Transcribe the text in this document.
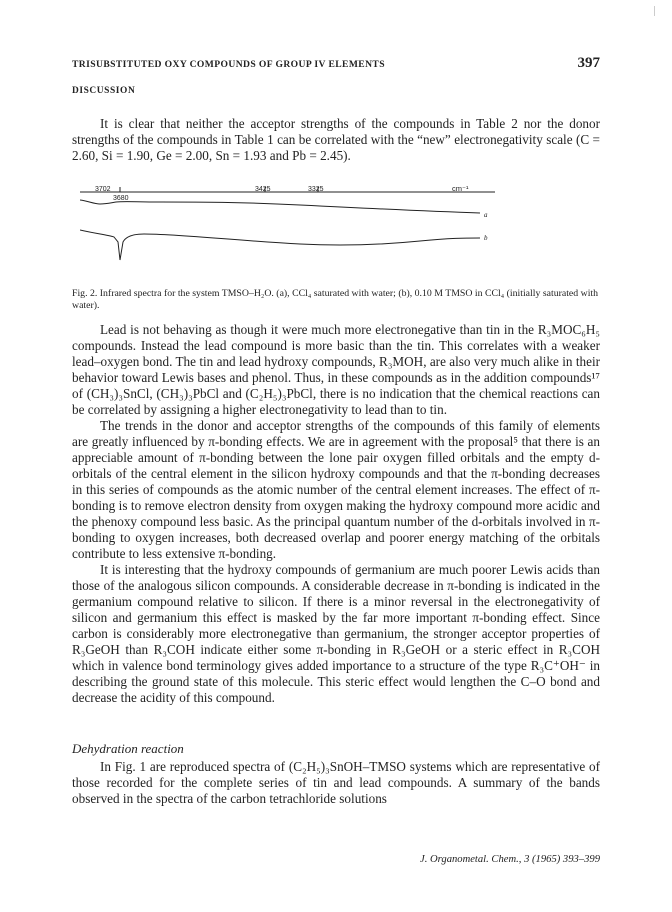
TRISUBSTITUTED OXY COMPOUNDS OF GROUP IV ELEMENTS	397
DISCUSSION

It is clear that neither the acceptor strengths of the compounds in Table 2 nor the donor strengths of the compounds in Table 1 can be correlated with the “new” electronegativity scale (C = 2.60, Si = 1.90, Ge = 2.00, Sn = 1.93 and Pb = 2.45).

3702
3680
3425	3325	cm⁻¹
a
b
Fig. 2. Infrared spectra for the system TMSO–H₂O. (a), CCl₄ saturated with water; (b), 0.10 M TMSO in CCl₄ (initially saturated with water).

Lead is not behaving as though it were much more electronegative than tin in the R₃MOC₆H₅ compounds. Instead the lead compound is more basic than the tin. This correlates with a weaker lead–oxygen bond. The tin and lead hydroxy compounds, R₃MOH, are also very much alike in their behavior toward Lewis bases and phenol. Thus, in these compounds as in the addition compounds¹⁷ of (CH₃)₃SnCl, (CH₃)₃PbCl and (C₂H₅)₃PbCl, there is no indication that the chemical reactions can be correlated by assigning a higher electronegativity to lead than to tin.

The trends in the donor and acceptor strengths of the compounds of this family of elements are greatly influenced by π-bonding effects. We are in agreement with the proposal⁵ that there is an appreciable amount of π-bonding between the lone pair oxygen filled orbitals and the empty d-orbitals of the central element in the silicon hydroxy compounds and that the π-bonding decreases in this series of compounds as the atomic number of the central element increases. The effect of π-bonding is to remove electron density from oxygen making the hydroxy compound more acidic and the phenoxy compound less basic. As the principal quantum number of the d-orbitals involved in π-bonding to oxygen increases, both decreased overlap and poorer energy matching of the orbitals contribute to less extensive π-bonding.

It is interesting that the hydroxy compounds of germanium are much poorer Lewis acids than those of the analogous silicon compounds. A considerable decrease in π-bonding is indicated in the germanium compound relative to silicon. If there is a minor reversal in the electronegativity of silicon and germanium this effect is masked by the far more important π-bonding effect. Since carbon is considerably more electronegative than germanium, the stronger acceptor properties of R₃GeOH than R₃COH indicate either some π-bonding in R₃GeOH or a steric effect in R₃COH which in valence bond terminology gives added importance to a structure of the type R₃C⁺OH⁻ in describing the ground state of this molecule. This steric effect would lengthen the C–O bond and decrease the acidity of this compound.

Dehydration reaction

In Fig. 1 are reproduced spectra of (C₂H₅)₃SnOH–TMSO systems which are representative of those recorded for the complete series of tin and lead compounds. A summary of the bands observed in the spectra of the carbon tetrachloride solutions

J. Organometal. Chem., 3 (1965) 393–399
